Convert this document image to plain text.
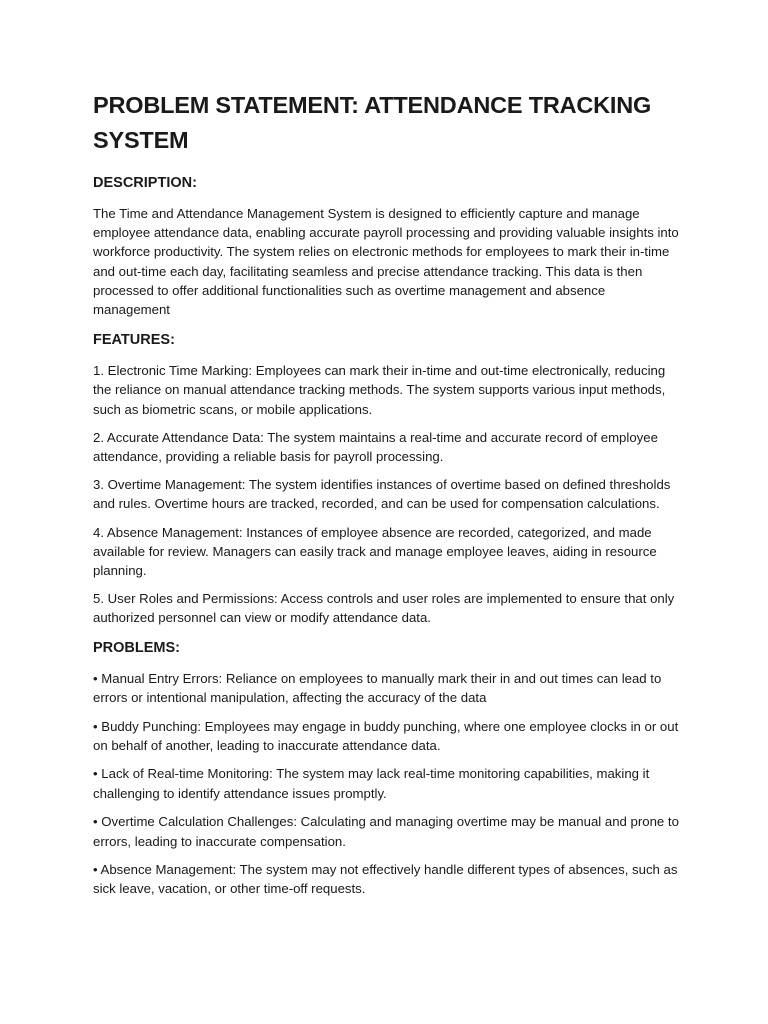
PROBLEM STATEMENT: ATTENDANCE TRACKING SYSTEM
DESCRIPTION:

The Time and Attendance Management System is designed to efficiently capture and manage employee attendance data, enabling accurate payroll processing and providing valuable insights into workforce productivity. The system relies on electronic methods for employees to mark their in-time and out-time each day, facilitating seamless and precise attendance tracking. This data is then processed to offer additional functionalities such as overtime management and absence management

FEATURES:
1. Electronic Time Marking: Employees can mark their in-time and out-time electronically, reducing the reliance on manual attendance tracking methods. The system supports various input methods, such as biometric scans, or mobile applications.
2. Accurate Attendance Data: The system maintains a real-time and accurate record of employee attendance, providing a reliable basis for payroll processing.
3. Overtime Management: The system identifies instances of overtime based on defined thresholds and rules. Overtime hours are tracked, recorded, and can be used for compensation calculations.
4. Absence Management: Instances of employee absence are recorded, categorized, and made available for review. Managers can easily track and manage employee leaves, aiding in resource planning.
5. User Roles and Permissions: Access controls and user roles are implemented to ensure that only authorized personnel can view or modify attendance data.
PROBLEMS:
• Manual Entry Errors: Reliance on employees to manually mark their in and out times can lead to errors or intentional manipulation, affecting the accuracy of the data
• Buddy Punching: Employees may engage in buddy punching, where one employee clocks in or out on behalf of another, leading to inaccurate attendance data.
• Lack of Real-time Monitoring: The system may lack real-time monitoring capabilities, making it challenging to identify attendance issues promptly.
• Overtime Calculation Challenges: Calculating and managing overtime may be manual and prone to errors, leading to inaccurate compensation.
• Absence Management: The system may not effectively handle different types of absences, such as sick leave, vacation, or other time-off requests.
